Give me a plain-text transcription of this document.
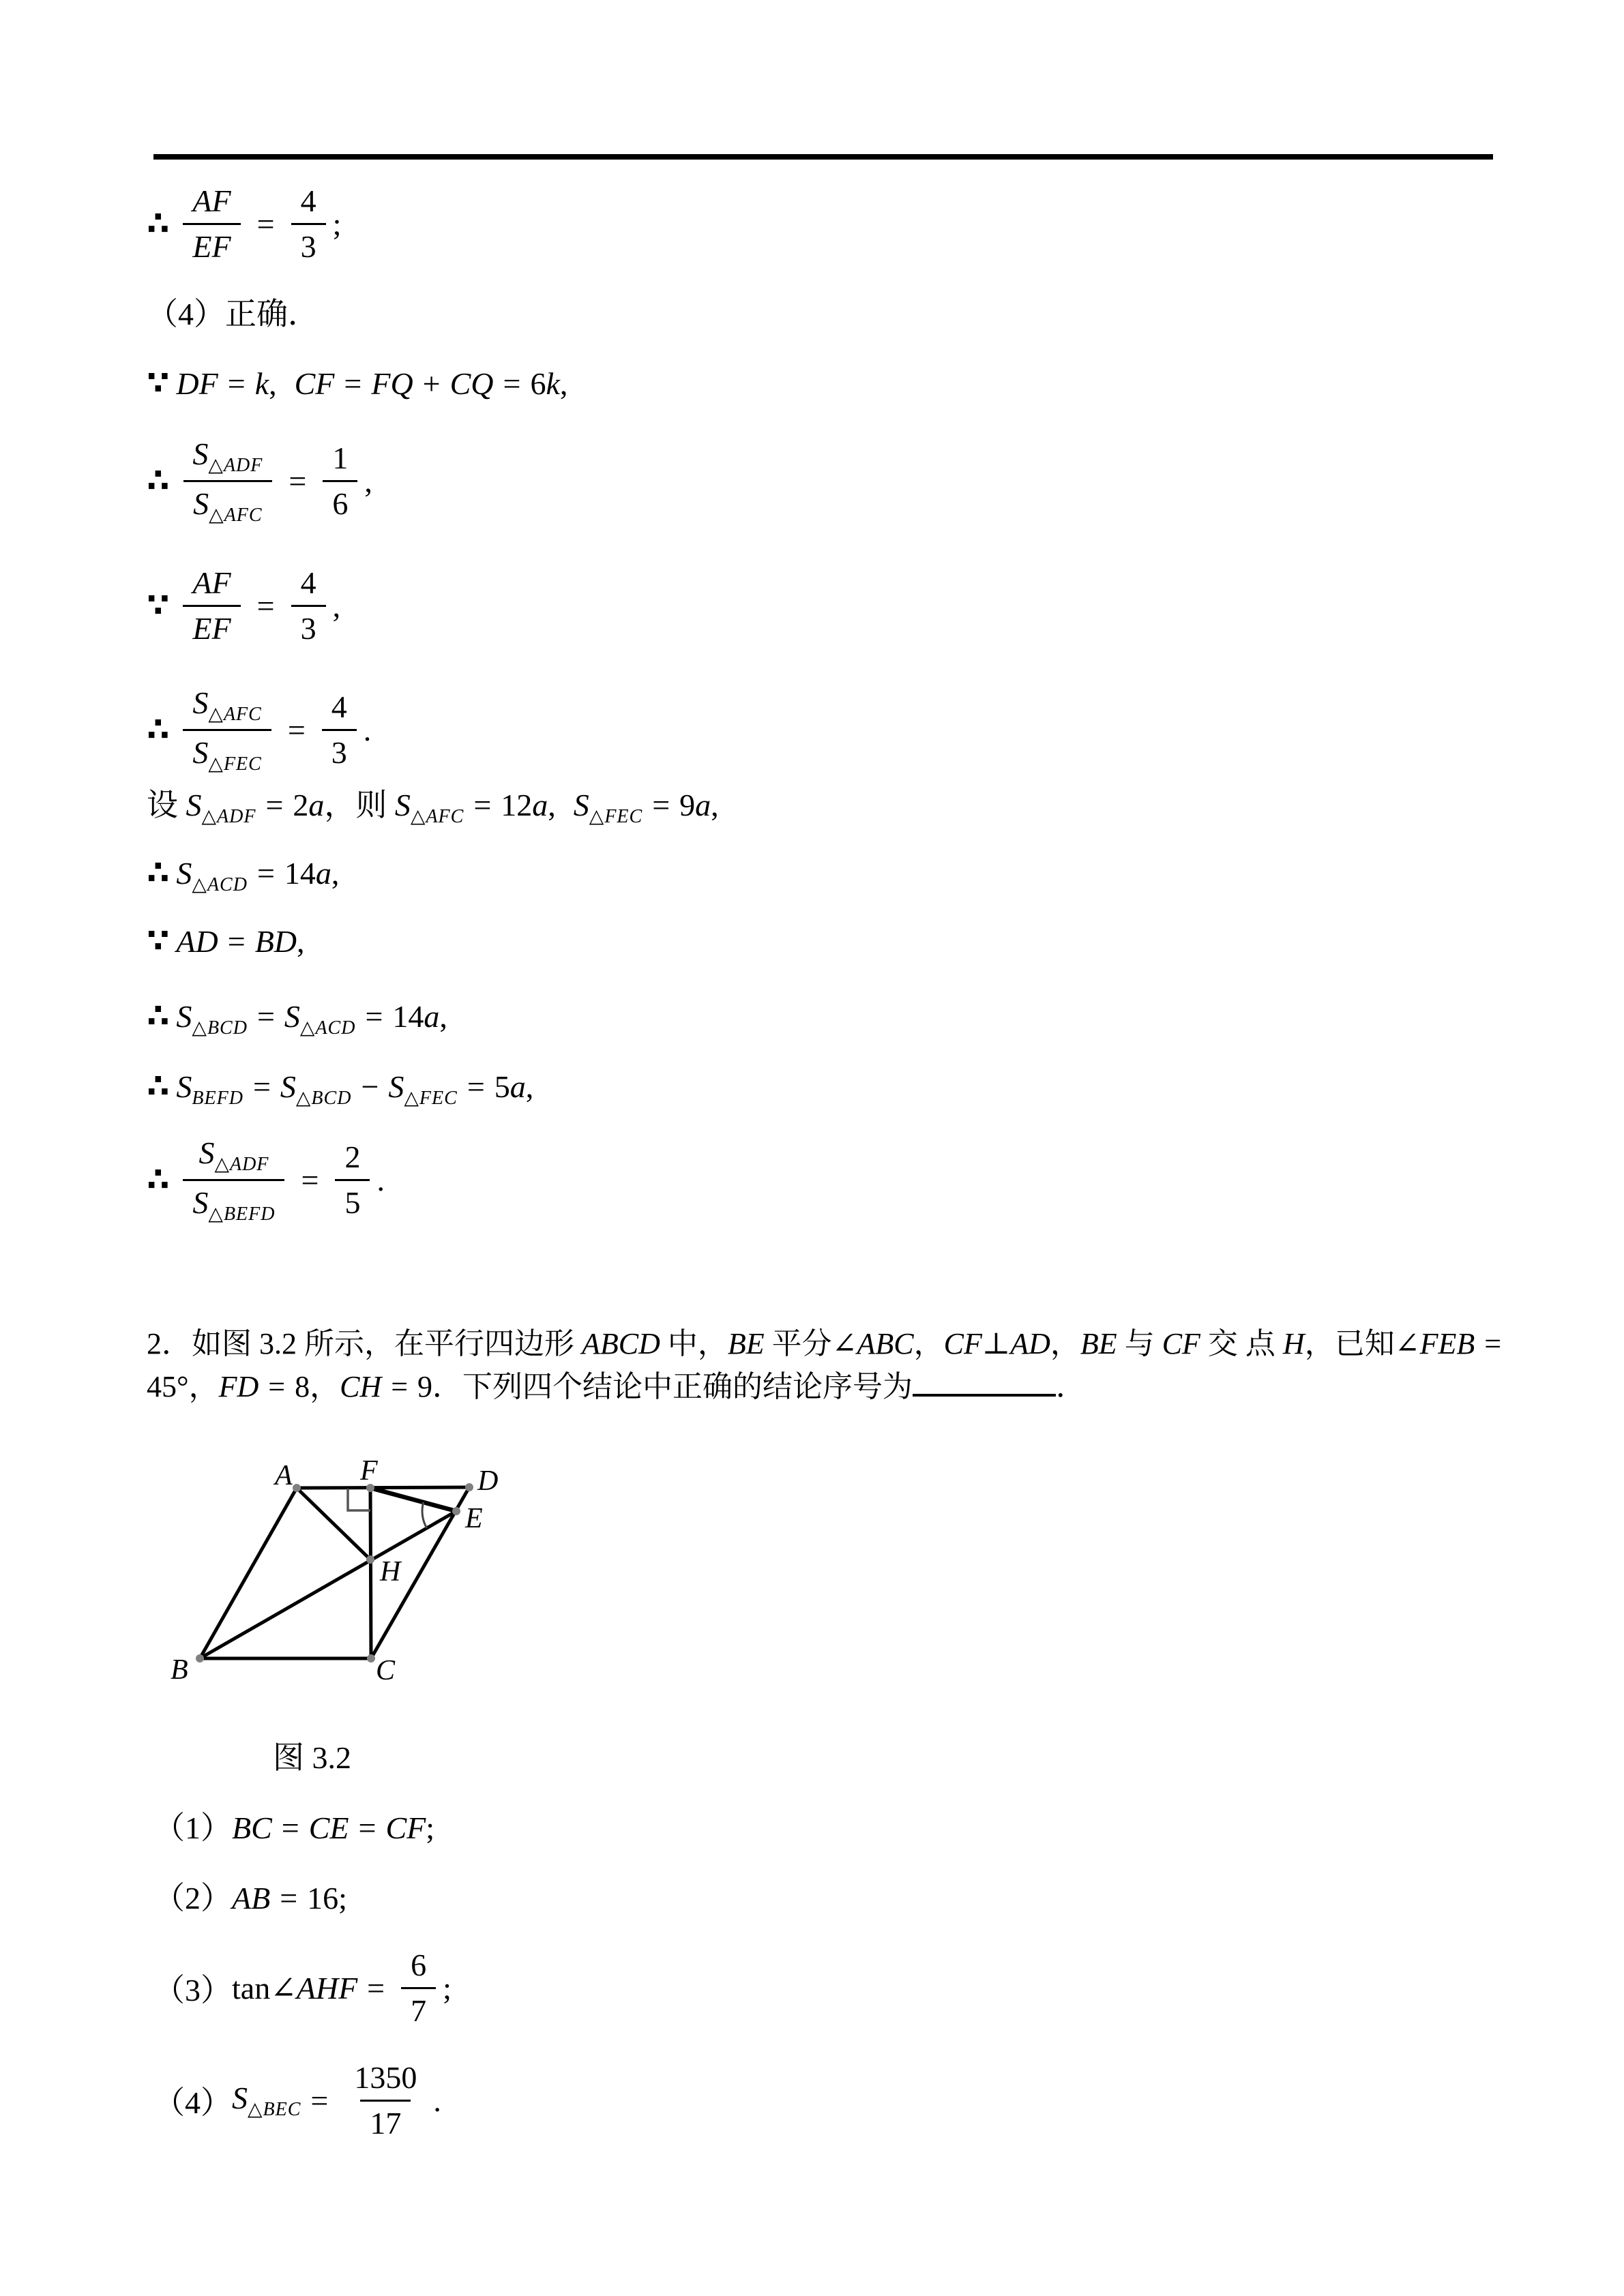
∴ $\frac{AF}{EF} = \frac{4}{3}$ ;
（4）正确．
∵ DF = k, CF = FQ + CQ = 6k,
∴
$S_{\triangle ADF}$
$S_{\triangle AFC}$
= $\frac{1}{6}$ ,
∵ $\frac{AF}{EF} = \frac{4}{3}$ ,
∴
$S_{\triangle AFC}$
$S_{\triangle FEC}$
= $\frac{4}{3}$ .
设 $S_{\triangle ADF} = 2a$，则 $S_{\triangle AFC} = 12a$, $S_{\triangle FEC} = 9a$,
∴ $S_{\triangle ACD} = 14a$,
∵ AD = BD,
∴ $S_{\triangle BCD} = S_{\triangle ACD} = 14a$,
∴ $S_{BEFD} = S_{\triangle BCD} - S_{\triangle FEC} = 5a$,
∴
$S_{\triangle ADF}$
$S_{\triangle BEFD}$
= $\frac{2}{5}$ .
2．如图 3.2 所示，在平行四边形 ABCD 中，BE 平分∠ABC，CF⊥AD，BE 与 CF 交 点 H，已知∠FEB =
45°，FD = 8，CH = 9．下列四个结论中正确的结论序号为	．
A F	D
E
H
B	C
图 3.2
（1）BC = CE = CF;
（2）AB = 16;
（3） tan∠ AHF = $\frac{6}{7}$ ;
（4） $S_{\triangle BEC} = \frac{1350}{17}$ .
